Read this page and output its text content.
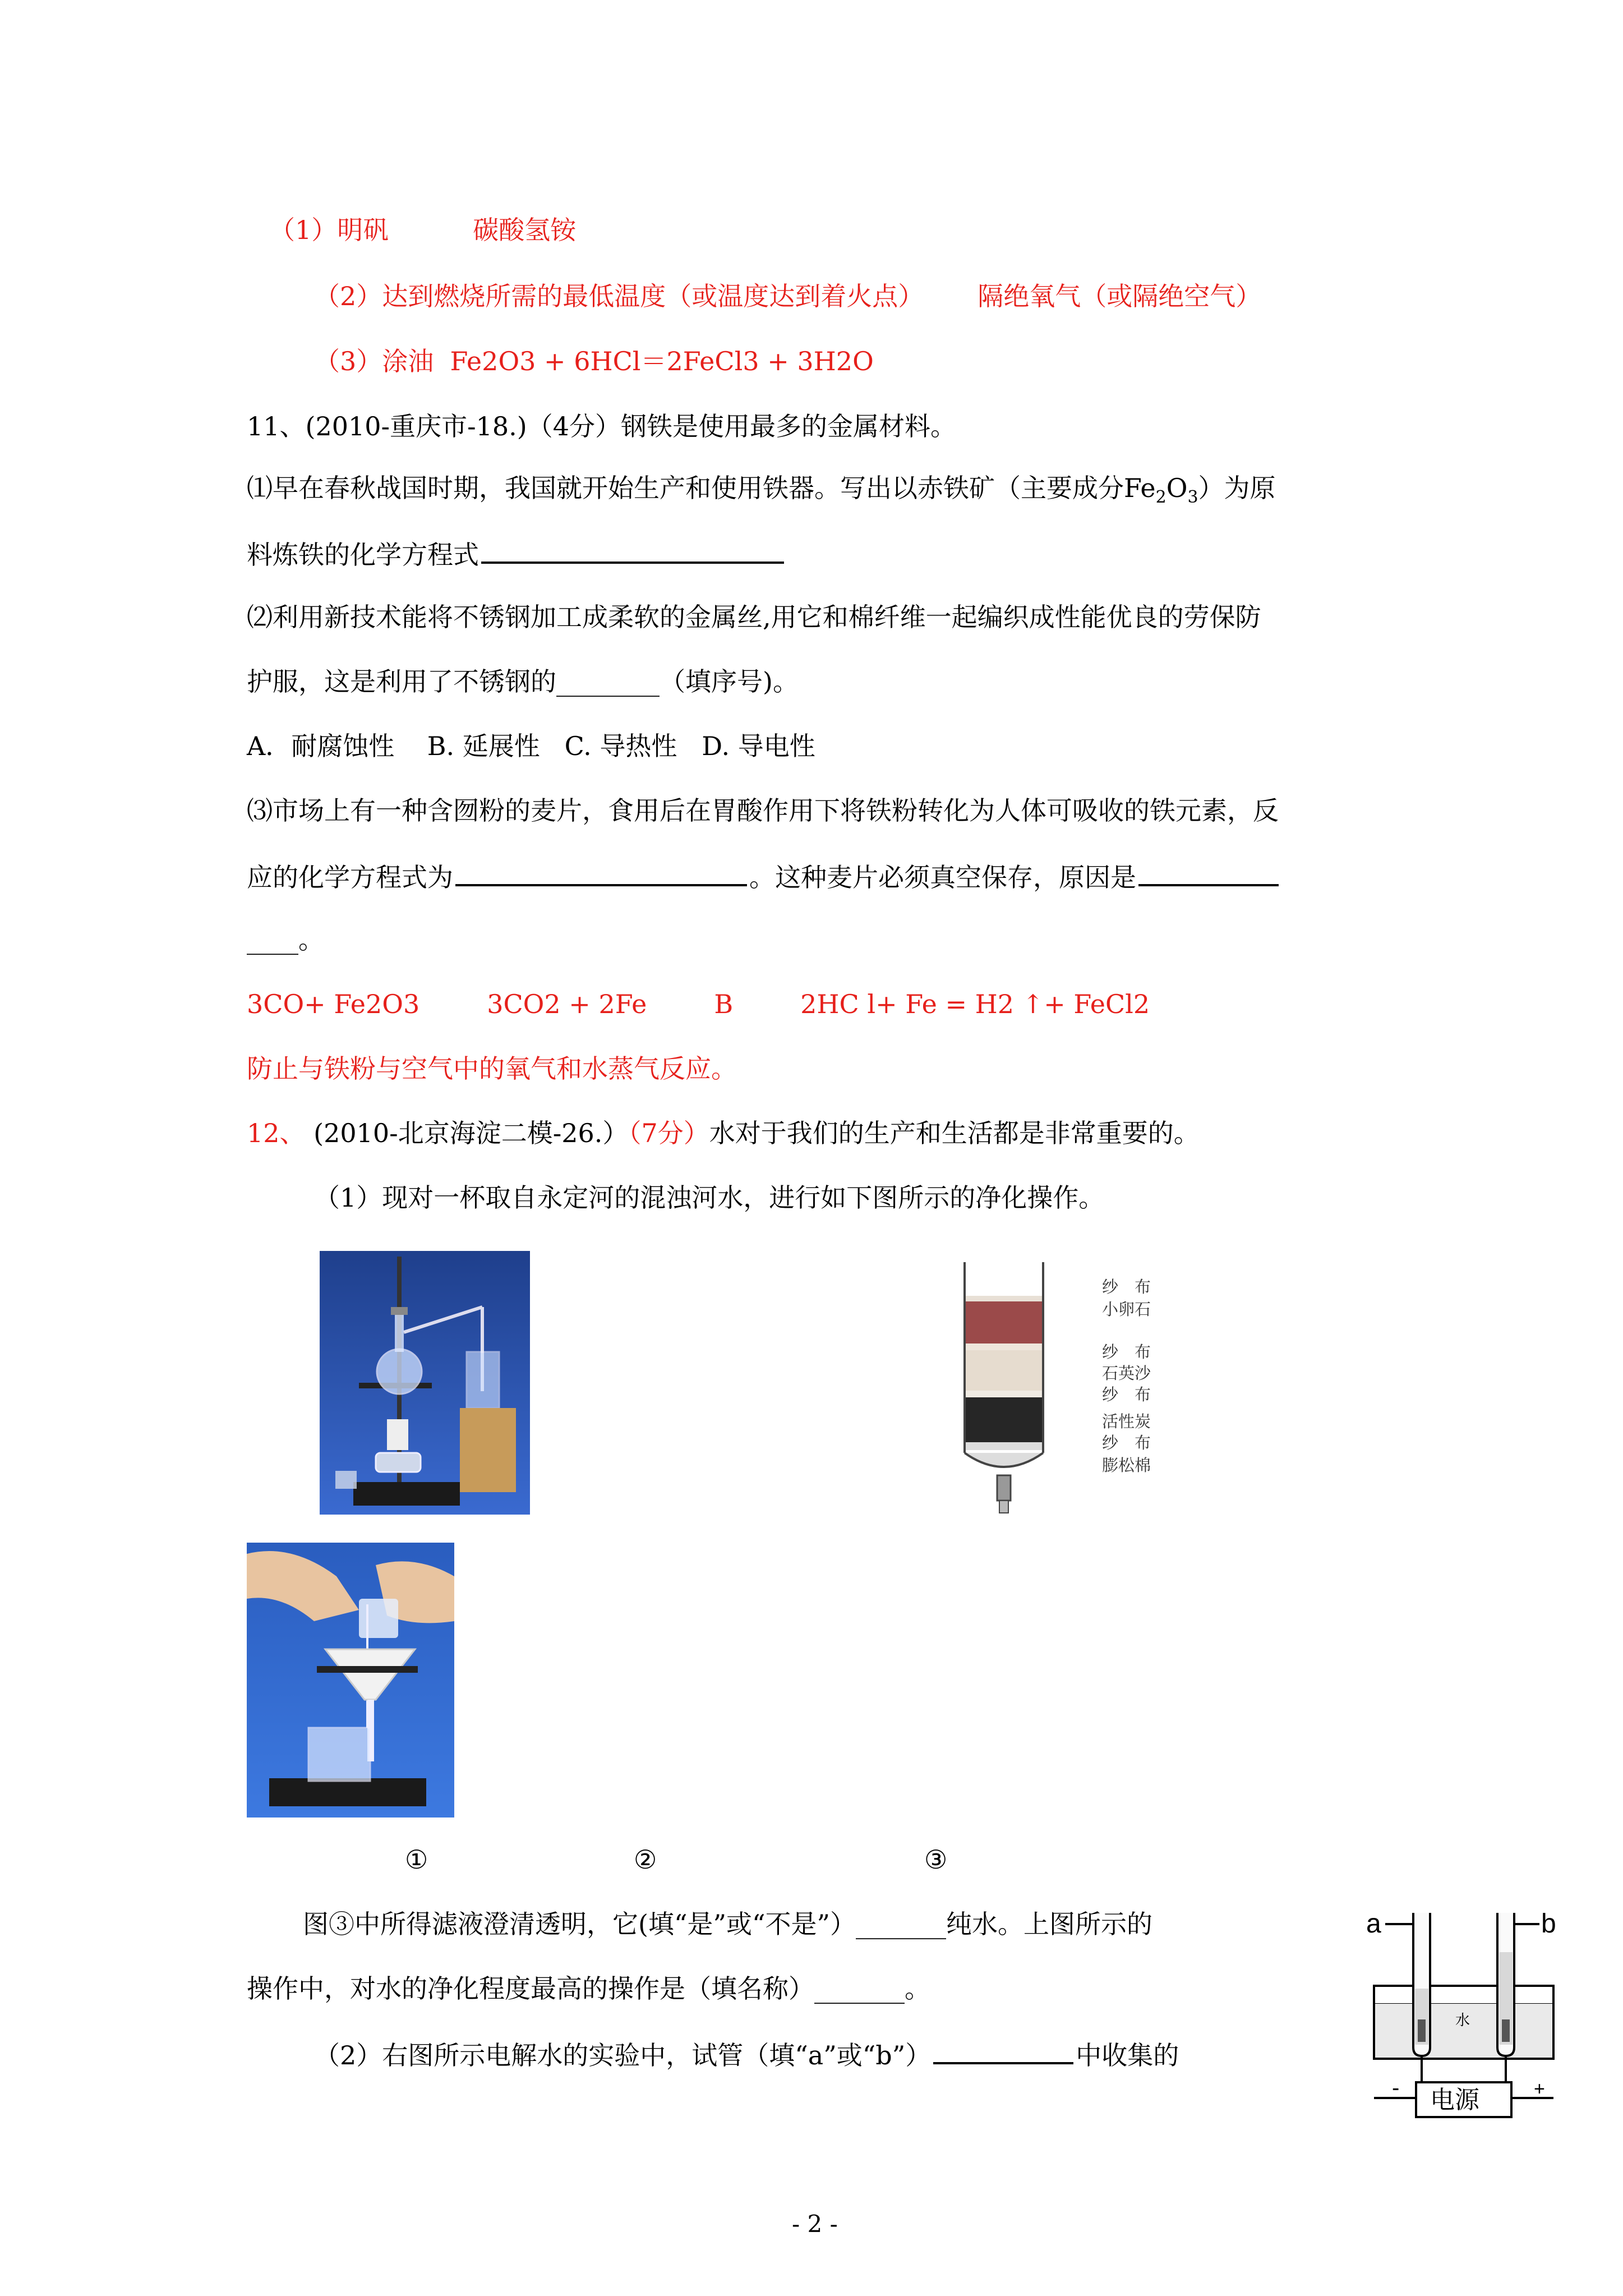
（1）明矾	碳酸氢铵
（2）达到燃烧所需的最低温度（或温度达到着火点） 隔绝氧气（或隔绝空气）
（3）涂油 Fe2O3 + 6HCl＝2FeCl3 + 3H2O
11、(2010-重庆市-18.)（4分）钢铁是使用最多的金属材料。
⑴早在春秋战国时期，我国就开始生产和使用铁器。写出以赤铁矿（主要成分$Fe_2O_3$）为原
料炼铁的化学方程式
⑵利用新技术能将不锈钢加工成柔软的金属丝,用它和棉纤维一起编织成性能优良的劳保防
护服，这是利用了不锈钢的________（填序号)。
A．耐腐蚀性    B. 延展性   C. 导热性   D. 导电性
⑶市场上有一种含囫粉的麦片，食用后在胃酸作用下将铁粉转化为人体可吸收的铁元素，反
应的化学方程式为	。这种麦片必须真空保存，原因是
____。
3CO+ Fe2O3	3CO2 + 2Fe	B	2HC l+ Fe = H2 ↑+ FeCl2
防止与铁粉与空气中的氧气和水蒸气反应。
12、 (2010-北京海淀二模-26.）（7分）水对于我们的生产和生活都是非常重要的。
（1）现对一杯取自永定河的混浊河水，进行如下图所示的净化操作。
纱　布
小卵石
纱　布
石英沙
纱　布
活性炭
纱　布
膨松棉
①	②	③
图③中所得滤液澄清透明，它(填“是”或“不是”）_______纯水。上图所示的
操作中，对水的净化程度最高的操作是（填名称）_______。
（2）右图所示电解水的实验中，试管（填“a”或“b”）	中收集的
a	b
水
-	+
电源
- 2 -
